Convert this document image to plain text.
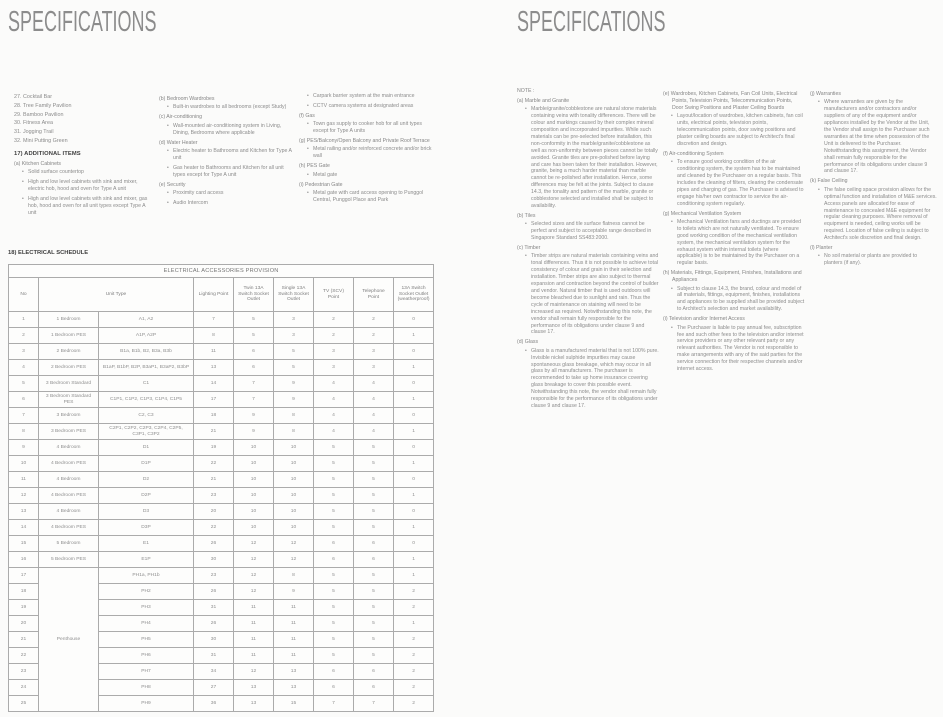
SPECIFICATIONS
27. Cocktail Bar
28. Tree Family Pavilion
29. Bamboo Pavilion
30. Fitness Area
31. Jogging Trail
32. Mini Putting Green
17) ADDITIONAL ITEMS
(a) Kitchen Cabinets
• Solid surface countertop
• High and low level cabinets with sink and mixer, electric hob, hood and oven for Type A unit
• High and low level cabinets with sink and mixer, gas hob, hood and oven for all unit types except Type A unit
(b) Bedroom Wardrobes
• Built-in wardrobes to all bedrooms (except Study)
(c) Air-conditioning
• Wall-mounted air-conditioning system in Living, Dining, Bedrooms where applicable
(d) Water Heater
• Electric heater to Bathrooms and Kitchen for Type A unit
• Gas heater to Bathrooms and Kitchen for all unit types except for Type A unit
(e) Security
• Proximity card access
• Audio Intercom
• Carpark barrier system at the main entrance
• CCTV camera systems at designated areas
(f) Gas
• Town gas supply to cooker hob for all unit types except for Type A units
(g) PES/Balcony/Open Balcony and Private Roof Terrace
• Metal railing and/or reinforced concrete and/or brick wall
(h) PES Gate
• Metal gate
(i) Pedestrian Gate
• Metal gate with card access opening to Punggol Central, Punggol Place and Park
18) ELECTRICAL SCHEDULE
ELECTRICAL ACCESSORIES PROVISION								
No	Unit Type		Lighting Point	Twin 13A Switch Socket Outlet	Single 13A Switch Socket Outlet	TV (SCV) Point	Telephone Point	13A Switch Socket Outlet (weatherproof)
1	1 Bedroom	A1, A2	7	5	3	2	2	0
2	1 Bedroom PES	A1P, A2P	8	5	3	2	2	1
3	2 Bedroom	B1a, B1b, B2, B3a, B3b	11	6	5	3	3	0
4	2 Bedroom PES	B1aP, B1bP, B2P, B3aP1, B3aP2, B3bP	13	6	5	3	3	1
5	3 Bedroom Standard	C1	14	7	9	4	4	0
6	3 Bedroom Standard PES	C1P1, C1P2, C1P3, C1P4, C1P5	17	7	9	4	4	1
7	3 Bedroom	C2, C3	18	9	8	4	4	0
8	3 Bedroom PES	C2P1, C2P2, C2P3, C2P4, C2P5, C3P1, C3P2	21	9	8	4	4	1
9	4 Bedroom	D1	19	10	10	5	5	0
10	4 Bedroom PES	D1P	22	10	10	5	5	1
11	4 Bedroom	D2	21	10	10	5	5	0
12	4 Bedroom PES	D2P	23	10	10	5	5	1
13	4 Bedroom	D3	20	10	10	5	5	0
14	4 Bedroom PES	D3P	22	10	10	5	5	1
15	5 Bedroom	E1	26	12	12	6	6	0
16	5 Bedroom PES	E1P	30	12	12	6	6	1
17	Penthouse	PH1a, PH1b	23	12	8	5	5	1
18		PH2	26	12	9	5	5	2
19		PH3	31	11	11	5	5	2
20		PH4	26	11	11	5	5	1
21		PH5	30	11	11	5	5	2
22		PH6	31	11	11	5	5	2
23		PH7	34	12	13	6	6	2
24		PH8	27	13	13	6	6	2
25		PH9	36	13	15	7	7	2
SPECIFICATIONS
NOTE :
(a) Marble and Granite
• Marble/granite/cobblestone are natural stone materials containing veins with tonality differences. There will be colour and markings caused by their complex mineral composition and incorporated impurities. While such materials can be pre-selected before installation, this non-conformity in the marble/granite/cobblestone as well as non-uniformity between pieces cannot be totally avoided. Granite tiles are pre-polished before laying and care has been taken for their installation. However, granite, being a much harder material than marble cannot be re-polished after installation. Hence, some differences may be felt at the joints. Subject to clause 14.3, the tonality and pattern of the marble, granite or cobblestone selected and installed shall be subject to availability.
(b) Tiles
• Selected sizes and tile surface flatness cannot be perfect and subject to acceptable range described in Singapore Standard SS483:2000.
(c) Timber
• Timber strips are natural materials containing veins and tonal differences. Thus it is not possible to achieve total consistency of colour and grain in their selection and installation. Timber strips are also subject to thermal expansion and contraction beyond the control of builder and vendor. Natural timber that is used outdoors will become bleached due to sunlight and rain. Thus the cycle of maintenance on staining will need to be increased as required. Notwithstanding this note, the vendor shall remain fully responsible for the performance of its obligations under clause 9 and clause 17.
(d) Glass
• Glass is a manufactured material that is not 100% pure. Invisible nickel sulphide impurities may cause spontaneous glass breakage, which may occur in all glass by all manufacturers. The purchaser is recommended to take up home insurance covering glass breakage to cover this possible event. Notwithstanding this note, the vendor shall remain fully responsible for the performance of its obligations under clause 9 and clause 17.
(e) Wardrobes, Kitchen Cabinets, Fan Coil Units, Electrical Points, Television Points, Telecommunication Points, Door Swing Positions and Plaster Ceiling Boards
• Layout/location of wardrobes, kitchen cabinets, fan coil units, electrical points, television points, telecommunication points, door swing positions and plaster ceiling boards are subject to Architect's final discretion and design.
(f) Air-conditioning System
• To ensure good working condition of the air conditioning system, the system has to be maintained and cleaned by the Purchaser on a regular basis. This includes the cleaning of filters, clearing the condensate pipes and charging of gas. The Purchaser is advised to engage his/her own contractor to service the air-conditioning system regularly.
(g) Mechanical Ventilation System
• Mechanical Ventilation fans and ductings are provided to toilets which are not naturally ventilated. To ensure good working condition of the mechanical ventilation system, the mechanical ventilation system for the exhaust system within internal toilets (where applicable) is to be maintained by the Purchaser on a regular basis.
(h) Materials, Fittings, Equipment, Finishes, Installations and Appliances
• Subject to clause 14.3, the brand, colour and model of all materials, fittings, equipment, finishes, installations and appliances to be supplied shall be provided subject to Architect's selection and market availability.
(i) Television and/or Internet Access
• The Purchaser is liable to pay annual fee, subscription fee and such other fees to the television and/or internet service providers or any other relevant party or any relevant authorities. The Vendor is not responsible to make arrangements with any of the said parties for the service connection for their respective channels and/or internet access.
(j) Warranties
• Where warranties are given by the manufacturers and/or contractors and/or suppliers of any of the equipment and/or appliances installed by the Vendor at the Unit, the Vendor shall assign to the Purchaser such warranties at the time when possession of the Unit is delivered to the Purchaser. Notwithstanding this assignment, the Vendor shall remain fully responsible for the performance of its obligations under clause 9 and clause 17.
(k) False Ceiling
• The false ceiling space provision allows for the optimal function and installation of M&E services. Access panels are allocated for ease of maintenance to concealed M&E equipment for regular cleaning purposes. Where removal of equipment is needed, ceiling works will be required. Location of false ceiling is subject to Architect's sole discretion and final design.
(l) Planter
• No soil material or plants are provided to planters (if any).
